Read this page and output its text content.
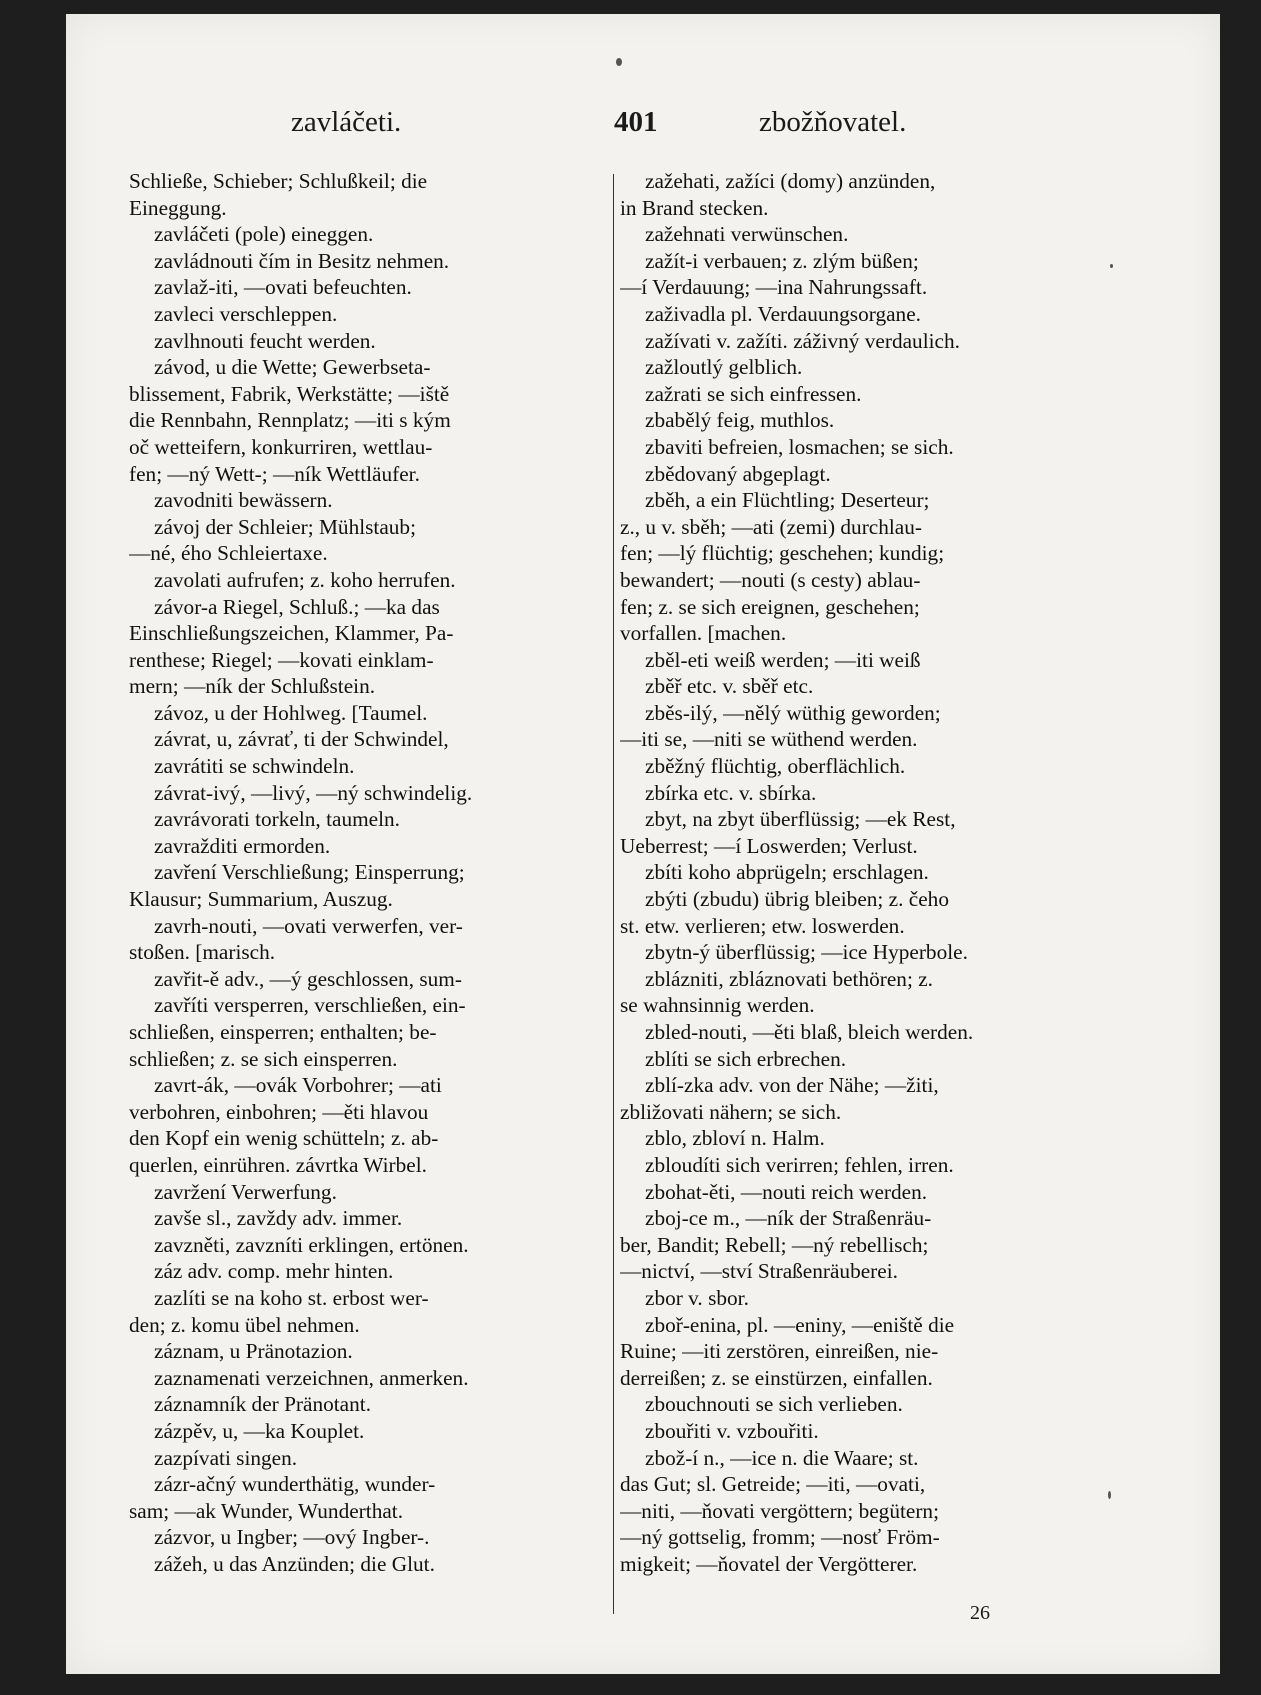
zavláčeti.	401	zbožňovatel.
Schließe, Schieber; Schlußkeil; die
Eineggung.
zavláčeti (pole) einеggen.
zavládnouti čím in Besitz nehmen.
zavlaž-iti, —ovati befeuchten.
zavleci verschleppen.
zavlhnouti feucht werden.
závod, u die Wette; Gewerbseta-
blissement, Fabrik, Werkstätte; —iště
die Rennbahn, Rennplatz; —iti s kým
oč wetteifern, konkurriren, wettlau-
fen; —ný Wett-; —ník Wettläufer.
zavodniti bewässern.
závoj der Schleier; Mühlstaub;
—né, ého Schleiertaxe.
zavolati aufrufen; z. koho herrufen.
závor-a Riegel, Schluß.; —ka das
Einschließungszeichen, Klammer, Pa-
renthese; Riegel; —kovati einklam-
mern; —ník der Schlußstein.
závoz, u der Hohlweg. [Taumel.
závrat, u, závrať, ti der Schwindel,
zavrátiti se schwindeln.
závrat-ivý, —livý, —ný schwindelig.
zavrávorati torkeln, taumeln.
zavražditi ermorden.
zavření Verschließung; Einsperrung;
Klausur; Summarium, Auszug.
zavrh-nouti, —ovati verwerfen, ver-
stoßen. [marisch.
zavřit-ě adv., —ý geschlossen, sum-
zavříti versperren, verschließen, ein-
schließen, einsperren; enthalten; be-
schließen; z. se sich einsperren.
zavrt-ák, —ovák Vorbohrer; —ati
verbohren, einbohren; —ěti hlavou
den Kopf ein wenig schütteln; z. ab-
querlen, einrühren. závrtka Wirbel.
zavržení Verwerfung.
zavše sl., zavždy adv. immer.
zavzněti, zavzníti erklingen, ertönen.
záz adv. comp. mehr hinten.
zazlíti se na koho st. erbost wer-
den; z. komu übel nehmen.
záznam, u Pränotazion.
zaznamenati verzeichnen, anmerken.
záznamník der Pränotant.
zázpěv, u, —ka Kouplet.
zazpívati singen.
zázr-ačný wunderthätig, wunder-
sam; —ak Wunder, Wunderthat.
zázvor, u Ingber; —ový Ingber-.
zážeh, u das Anzünden; die Glut.
zažehati, zažíci (domy) anzünden,
in Brand stecken.
zažehnati verwünschen.
zažít-i verbauen; z. zlým büßen;
—í Verdauung; —ina Nahrungssaft.
zaživadla pl. Verdauungsorgane.
zažívati v. zažíti. záživný verdaulich.
zažloutlý gelblich.
zažrati se sich einfressen.
zbabělý feig, muthlos.
zbaviti befreien, losmachen; se sich.
zbědovaný abgeplagt.
zběh, a ein Flüchtling; Deserteur;
z., u v. sběh; —ati (zemi) durchlau-
fen; —lý flüchtig; geschehen; kundig;
bewandert; —nouti (s cesty) ablau-
fen; z. se sich ereignen, geschehen;
vorfallen. [machen.
zběl-eti weiß werden; —iti weiß
zběř etc. v. sběř etc.
zběs-ilý, —nělý wüthig geworden;
—iti se, —niti se wüthend werden.
zběžný flüchtig, oberflächlich.
zbírka etc. v. sbírka.
zbyt, na zbyt überflüssig; —ek Rest,
Ueberrest; —í Loswerden; Verlust.
zbíti koho abprügeln; erschlagen.
zbýti (zbudu) übrig bleiben; z. čeho
st. etw. verlieren; etw. loswerden.
zbytn-ý überflüssig; —ice Hyperbole.
zblázniti, zbláznovati bethören; z.
se wahnsinnig werden.
zbled-nouti, —ěti blaß, bleich werden.
zblíti se sich erbrechen.
zblí-zka adv. von der Nähe; —žiti,
zbližovati nähern; se sich.
zblo, zbloví n. Halm.
zbloudíti sich verirren; fehlen, irren.
zbohat-ěti, —nouti reich werden.
zboj-ce m., —ník der Straßenräu-
ber, Bandit; Rebell; —ný rebellisch;
—nictví, —ství Straßenräuberei.
zbor v. sbor.
zboř-enina, pl. —eniny, —eniště die
Ruine; —iti zerstören, einreißen, nie-
derreißen; z. se einstürzen, einfallen.
zbouchnouti se sich verlieben.
zbouřiti v. vzbouřiti.
zbož-í n., —ice n. die Waare; st.
das Gut; sl. Getreide; —iti, —ovati,
—niti, —ňovati vergöttern; begütern;
—ný gottselig, fromm; —nosť Fröm-
migkeit; —ňovatel der Vergötterer.
26
